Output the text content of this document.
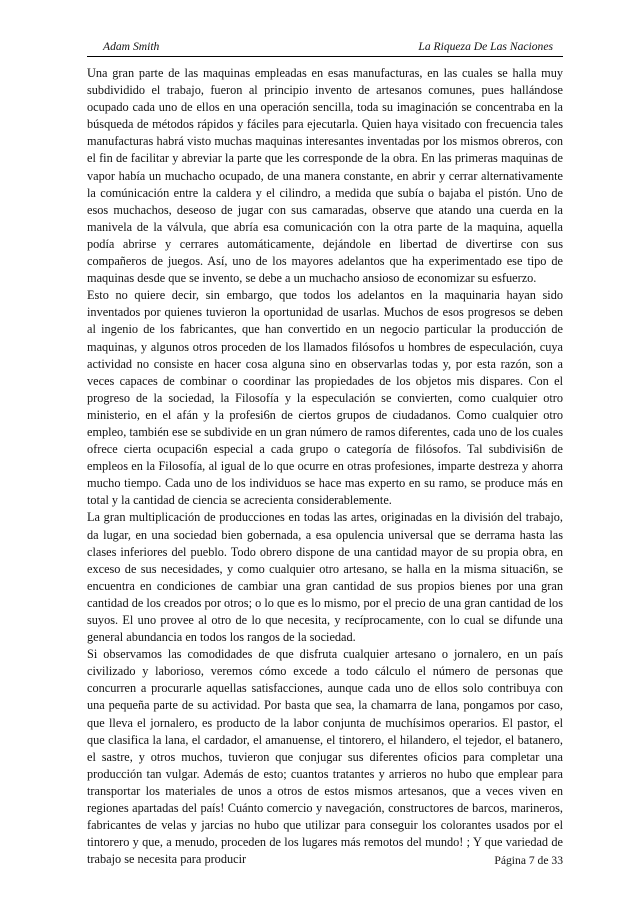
Adam Smith	La Riqueza De Las Naciones

Una gran parte de las maquinas empleadas en esas manufacturas, en las cuales se halla muy subdividido el trabajo, fueron al principio invento de artesanos comunes, pues hallándose ocupado cada uno de ellos en una operación sencilla, toda su imaginación se concentraba en la búsqueda de métodos rápidos y fáciles para ejecutarla. Quien haya visitado con frecuencia tales manufacturas habrá visto muchas maquinas interesantes inventadas por los mismos obreros, con el fin de facilitar y abreviar la parte que les corresponde de la obra. En las primeras maquinas de vapor había un muchacho ocupado, de una manera constante, en abrir y cerrar alternativamente la comúnicación entre la caldera y el cilindro, a medida que subía o bajaba el pistón. Uno de esos muchachos, deseoso de jugar con sus camaradas, observe que atando una cuerda en la manivela de la válvula, que abría esa comunicación con la otra parte de la maquina, aquella podía abrirse y cerrares automáticamente, dejándole en libertad de divertirse con sus compañeros de juegos. Así, uno de los mayores adelantos que ha experimentado ese tipo de maquinas desde que se invento, se debe a un muchacho ansioso de economizar su esfuerzo.

Esto no quiere decir, sin embargo, que todos los adelantos en la maquinaria hayan sido inventados por quienes tuvieron la oportunidad de usarlas. Muchos de esos progresos se deben al ingenio de los fabricantes, que han convertido en un negocio particular la producción de maquinas, y algunos otros proceden de los llamados filósofos u hombres de especulación, cuya actividad no consiste en hacer cosa alguna sino en observarlas todas y, por esta razón, son a veces capaces de combinar o coordinar las propiedades de los objetos mis dispares. Con el progreso de la sociedad, la Filosofía y la especulación se convierten, como cualquier otro ministerio, en el afán y la profesi6n de ciertos grupos de ciudadanos. Como cualquier otro empleo, también ese se subdivide en un gran número de ramos diferentes, cada uno de los cuales ofrece cierta ocupaci6n especial a cada grupo o categoría de filósofos. Tal subdivisi6n de empleos en la Filosofía, al igual de lo que ocurre en otras profesiones, imparte destreza y ahorra mucho tiempo. Cada uno de los individuos se hace mas experto en su ramo, se produce más en total y la cantidad de ciencia se acrecienta considerablemente.

La gran multiplicación de producciones en todas las artes, originadas en la división del trabajo, da lugar, en una sociedad bien gobernada, a esa opulencia universal que se derrama hasta las clases inferiores del pueblo. Todo obrero dispone de una cantidad mayor de su propia obra, en exceso de sus necesidades, y como cualquier otro artesano, se halla en la misma situaci6n, se encuentra en condiciones de cambiar una gran cantidad de sus propios bienes por una gran cantidad de los creados por otros; o lo que es lo mismo, por el precio de una gran cantidad de los suyos. El uno provee al otro de lo que necesita, y recíprocamente, con lo cual se difunde una general abundancia en todos los rangos de la sociedad.

Si observamos las comodidades de que disfruta cualquier artesano o jornalero, en un país civilizado y laborioso, veremos cómo excede a todo cálculo el número de personas que concurren a procurarle aquellas satisfacciones, aunque cada uno de ellos solo contribuya con una pequeña parte de su actividad. Por basta que sea, la chamarra de lana, pongamos por caso, que lleva el jornalero, es producto de la labor conjunta de muchísimos operarios. El pastor, el que clasifica la lana, el cardador, el amanuense, el tintorero, el hilandero, el tejedor, el batanero, el sastre, y otros muchos, tuvieron que conjugar sus diferentes oficios para completar una producción tan vulgar. Además de esto; cuantos tratantes y arrieros no hubo que emplear para transportar los materiales de unos a otros de estos mismos artesanos, que a veces viven en regiones apartadas del país! Cuánto comercio y navegación, constructores de barcos, marineros, fabricantes de velas y jarcias no hubo que utilizar para conseguir los colorantes usados por el tintorero y que, a menudo, proceden de los lugares más remotos del mundo! ; Y que variedad de trabajo se necesita para producir	Página 7 de 33
